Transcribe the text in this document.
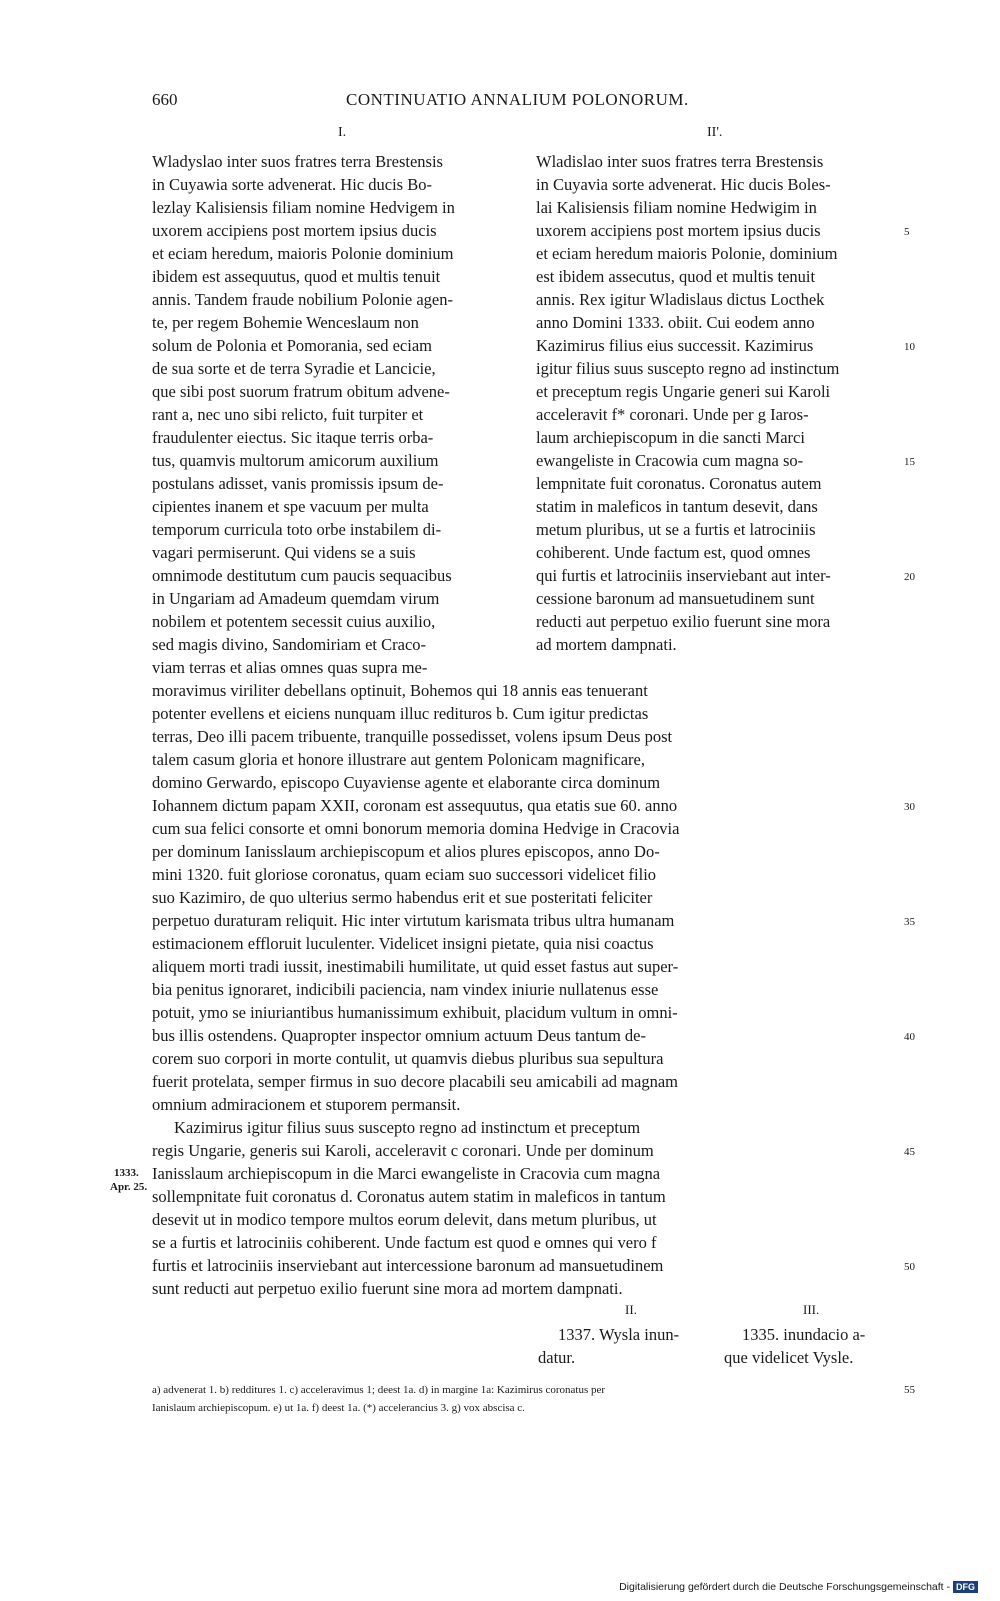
660	CONTINUATIO ANNALIUM POLONORUM.
I.	II'.
Wladyslao inter suos fratres terra Brestensis
in Cuyawia sorte advenerat. Hic ducis Bo-
lezlay Kalisiensis filiam nomine Hedvigem in
uxorem accipiens post mortem ipsius ducis
et eciam heredum, maioris Polonie dominium
ibidem est assequutus, quod et multis tenuit
annis. Tandem fraude nobilium Polonie agen-
te, per regem Bohemie Wenceslaum non
solum de Polonia et Pomorania, sed eciam
de sua sorte et de terra Syradie et Lancicie,
que sibi post suorum fratrum obitum advene-
rant a, nec uno sibi relicto, fuit turpiter et
fraudulenter eiectus. Sic itaque terris orba-
tus, quamvis multorum amicorum auxilium
postulans adisset, vanis promissis ipsum de-
cipientes inanem et spe vacuum per multa
temporum curricula toto orbe instabilem di-
vagari permiserunt. Qui videns se a suis
omnimode destitutum cum paucis sequacibus
in Ungariam ad Amadeum quemdam virum
nobilem et potentem secessit cuius auxilio,
sed magis divino, Sandomiriam et Craco-
viam terras et alias omnes quas supra me-
Wladislao inter suos fratres terra Brestensis
in Cuyavia sorte advenerat. Hic ducis Boles-
lai Kalisiensis filiam nomine Hedwigim in
uxorem accipiens post mortem ipsius ducis
et eciam heredum maioris Polonie, dominium
est ibidem assecutus, quod et multis tenuit
annis. Rex igitur Wladislaus dictus Locthek
anno Domini 1333. obiit. Cui eodem anno
Kazimirus filius eius successit. Kazimirus
igitur filius suus suscepto regno ad instinctum
et preceptum regis Ungarie generi sui Karoli
acceleravit f* coronari. Unde per g Iaros-
laum archiepiscopum in die sancti Marci
ewangeliste in Cracowia cum magna so-
lempnitate fuit coronatus. Coronatus autem
statim in maleficos in tantum desevit, dans
metum pluribus, ut se a furtis et latrociniis
cohiberent. Unde factum est, quod omnes
qui furtis et latrociniis inserviebant aut inter-
cessione baronum ad mansuetudinem sunt
reducti aut perpetuo exilio fuerunt sine mora
ad mortem dampnati.
moravimus viriliter debellans optinuit, Bohemos qui 18 annis eas tenuerant
potenter evellens et eiciens nunquam illuc redituros b. Cum igitur predictas
terras, Deo illi pacem tribuente, tranquille possedisset, volens ipsum Deus post
talem casum gloria et honore illustrare aut gentem Polonicam magnificare,
domino Gerwardo, episcopo Cuyaviense agente et elaborante circa dominum
Iohannem dictum papam XXII, coronam est assequutus, qua etatis sue 60. anno
cum sua felici consorte et omni bonorum memoria domina Hedvige in Cracovia
per dominum Ianisslaum archiepiscopum et alios plures episcopos, anno Do-
mini 1320. fuit gloriose coronatus, quam eciam suo successori videlicet filio
suo Kazimiro, de quo ulterius sermo habendus erit et sue posteritati feliciter
perpetuo duraturam reliquit. Hic inter virtutum karismata tribus ultra humanam
estimacionem effloruit luculenter. Videlicet insigni pietate, quia nisi coactus
aliquem morti tradi iussit, inestimabili humilitate, ut quid esset fastus aut super-
bia penitus ignoraret, indicibili paciencia, nam vindex iniurie nullatenus esse
potuit, ymo se iniuriantibus humanissimum exhibuit, placidum vultum in omni-
bus illis ostendens. Quapropter inspector omnium actuum Deus tantum de-
corem suo corpori in morte contulit, ut quamvis diebus pluribus sua sepultura
fuerit protelata, semper firmus in suo decore placabili seu amicabili ad magnam
omnium admiracionem et stuporem permansit.
Kazimirus igitur filius suus suscepto regno ad instinctum et preceptum
regis Ungarie, generis sui Karoli, acceleravit c coronari. Unde per dominum
Ianisslaum archiepiscopum in die Marci ewangeliste in Cracovia cum magna
sollempnitate fuit coronatus d. Coronatus autem statim in maleficos in tantum
desevit ut in modico tempore multos eorum delevit, dans metum pluribus, ut
se a furtis et latrociniis cohiberent. Unde factum est quod e omnes qui vero f
furtis et latrociniis inserviebant aut intercessione baronum ad mansuetudinem
sunt reducti aut perpetuo exilio fuerunt sine mora ad mortem dampnati.
5
10
15
20
30
35
40
45
50
55
1333.
Apr. 25.
II.	III.
1337. Wysla inun-
datur.
1335. inundacio a-
que videlicet Vysle.
a) advenerat 1. b) redditures 1. c) acceleravimus 1; deest 1a. d) in margine 1a: Kazimirus coronatus per
Ianislaum archiepiscopum. e) ut 1a. f) deest 1a. (*) accelerancius 3. g) vox abscisa c.
Digitalisierung gefördert durch die Deutsche Forschungsgemeinschaft - DFG
